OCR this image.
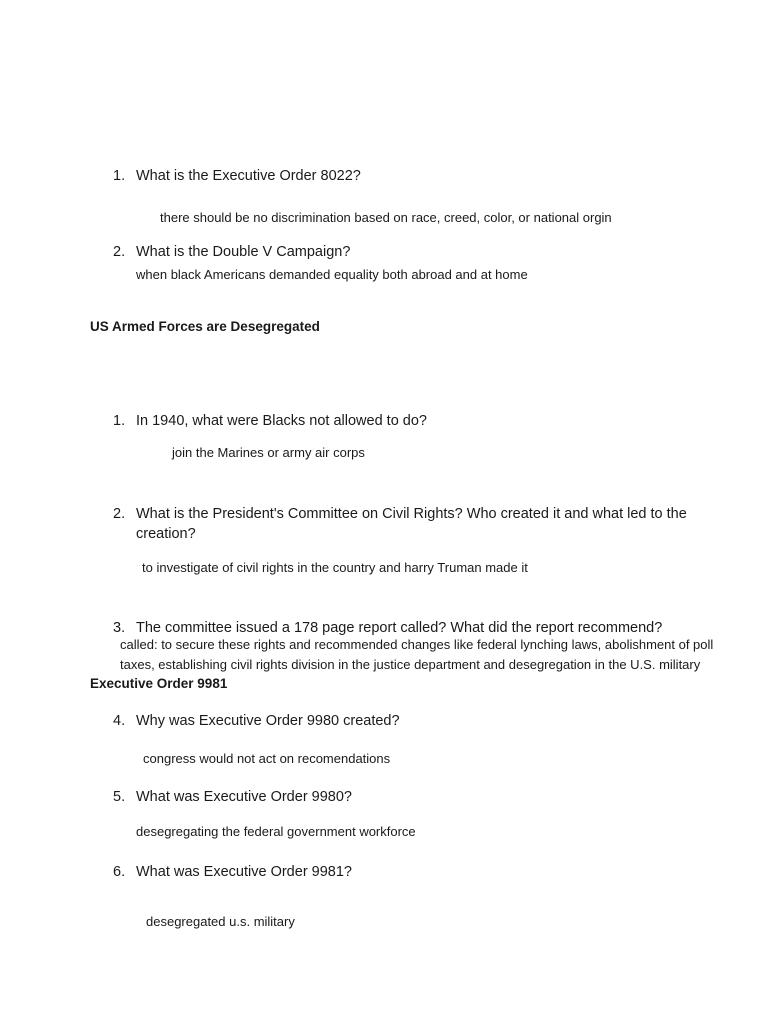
1. What is the Executive Order 8022?
there should be no discrimination based on race, creed, color, or national orgin
2. What is the Double V Campaign?
when black Americans demanded equality both abroad and at home
US Armed Forces are Desegregated
1. In 1940, what were Blacks not allowed to do?
join the Marines or army air corps
2. What is the President's Committee on Civil Rights? Who created it and what led to the
creation?
to investigate of civil rights in the country and harry Truman made it
3. The committee issued a 178 page report called? What did the report recommend?
called: to secure these rights and recommended changes like federal lynching laws, abolishment of poll
taxes, establishing civil rights division in the justice department and desegregation in the U.S. military
Executive Order 9981
4. Why was Executive Order 9980 created?
congress would not act on recomendations
5. What was Executive Order 9980?
desegregating the federal government workforce
6. What was Executive Order 9981?
desegregated u.s. military
